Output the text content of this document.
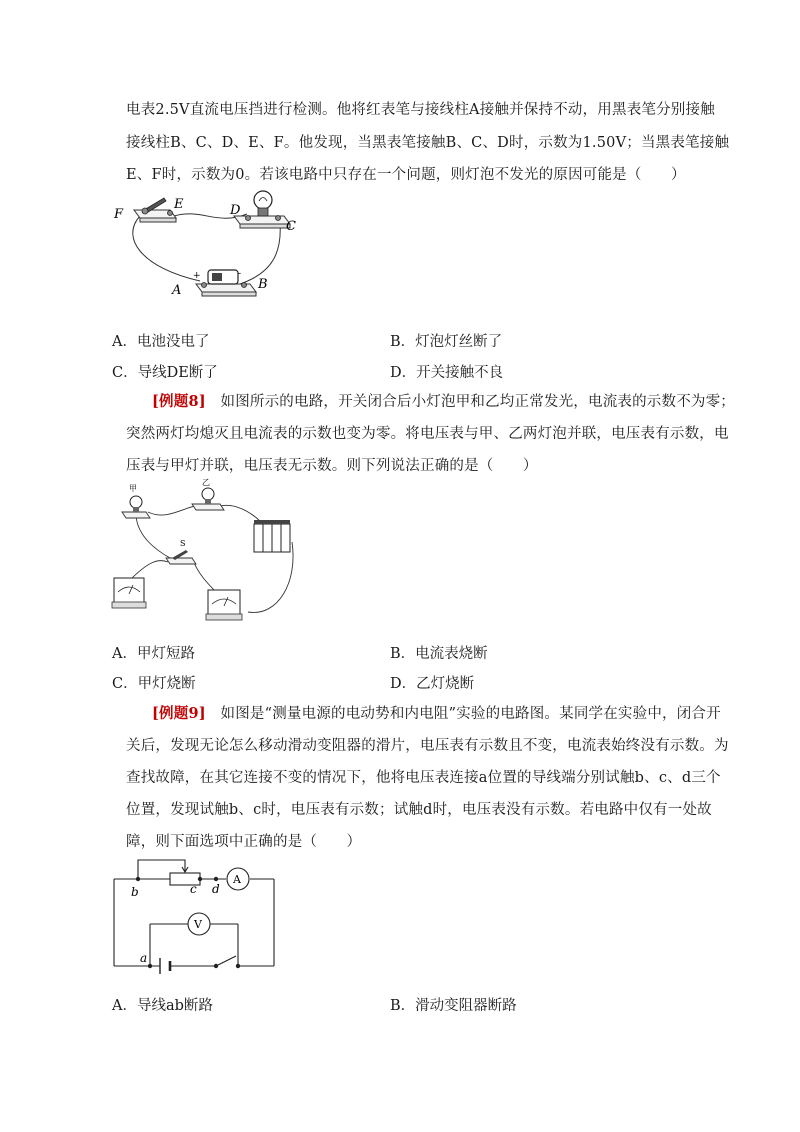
电表2.5V直流电压挡进行检测。他将红表笔与接线柱A接触并保持不动，用黑表笔分别接触
接线柱B、C、D、E、F。他发现，当黑表笔接触B、C、D时，示数为1.50V；当黑表笔接触
E、F时，示数为0。若该电路中只存在一个问题，则灯泡不发光的原因可能是（　　）
F
E	D
C
A	B
+	-
A．电池没电了	B．灯泡灯丝断了
C．导线DE断了	D．开关接触不良
[例题8]　如图所示的电路，开关闭合后小灯泡甲和乙均正常发光，电流表的示数不为零；
突然两灯均熄灭且电流表的示数也变为零。将电压表与甲、乙两灯泡并联，电压表有示数，电
压表与甲灯并联，电压表无示数。则下列说法正确的是（　　）
甲
乙
S
A．甲灯短路	B．电流表烧断
C．甲灯烧断	D．乙灯烧断
[例题9]　如图是“测量电源的电动势和内电阻”实验的电路图。某同学在实验中，闭合开
关后，发现无论怎么移动滑动变阻器的滑片，电压表有示数且不变，电流表始终没有示数。为
查找故障，在其它连接不变的情况下，他将电压表连接a位置的导线端分别试触b、c、d三个
位置，发现试触b、c时，电压表有示数；试触d时，电压表没有示数。若电路中仅有一处故
障，则下面选项中正确的是（　　）
b	c d
A
V
a
A．导线ab断路	B．滑动变阻器断路
